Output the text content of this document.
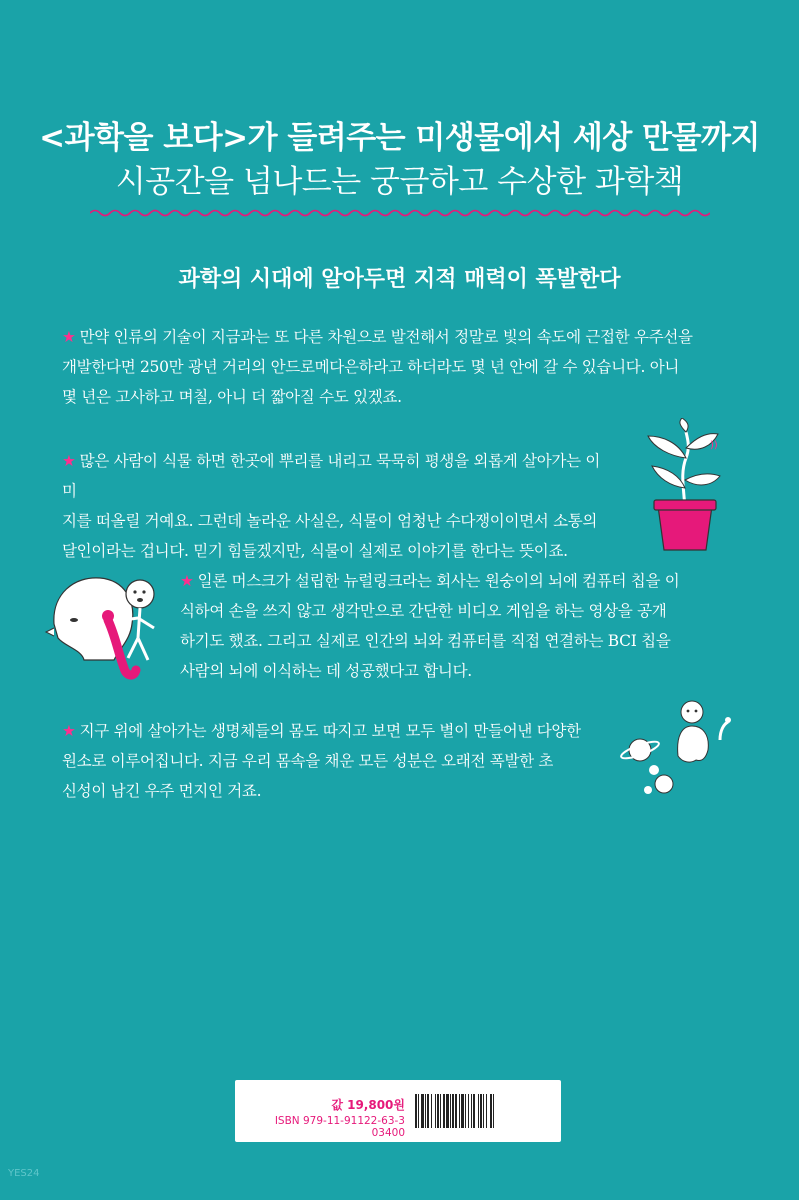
<과학을 보다>가 들려주는 미생물에서 세상 만물까지
시공간을 넘나드는 궁금하고 수상한 과학책
과학의 시대에 알아두면 지적 매력이 폭발한다
★ 만약 인류의 기술이 지금과는 또 다른 차원으로 발전해서 정말로 빛의 속도에 근접한 우주선을
개발한다면 250만 광년 거리의 안드로메다은하라고 하더라도 몇 년 안에 갈 수 있습니다. 아니
몇 년은 고사하고 며칠, 아니 더 짧아질 수도 있겠죠.
★ 많은 사람이 식물 하면 한곳에 뿌리를 내리고 묵묵히 평생을 외롭게 살아가는 이미
지를 떠올릴 거예요. 그런데 놀라운 사실은, 식물이 엄청난 수다쟁이이면서 소통의
달인이라는 겁니다. 믿기 힘들겠지만, 식물이 실제로 이야기를 한다는 뜻이죠.
))
★ 일론 머스크가 설립한 뉴럴링크라는 회사는 원숭이의 뇌에 컴퓨터 칩을 이
식하여 손을 쓰지 않고 생각만으로 간단한 비디오 게임을 하는 영상을 공개
하기도 했죠. 그리고 실제로 인간의 뇌와 컴퓨터를 직접 연결하는 BCI 칩을
사람의 뇌에 이식하는 데 성공했다고 합니다.
★ 지구 위에 살아가는 생명체들의 몸도 따지고 보면 모두 별이 만들어낸 다양한
원소로 이루어집니다. 지금 우리 몸속을 채운 모든 성분은 오래전 폭발한 초
신성이 남긴 우주 먼지인 거죠.
값 19,800원
ISBN 979-11-91122-63-3 03400
YES24
